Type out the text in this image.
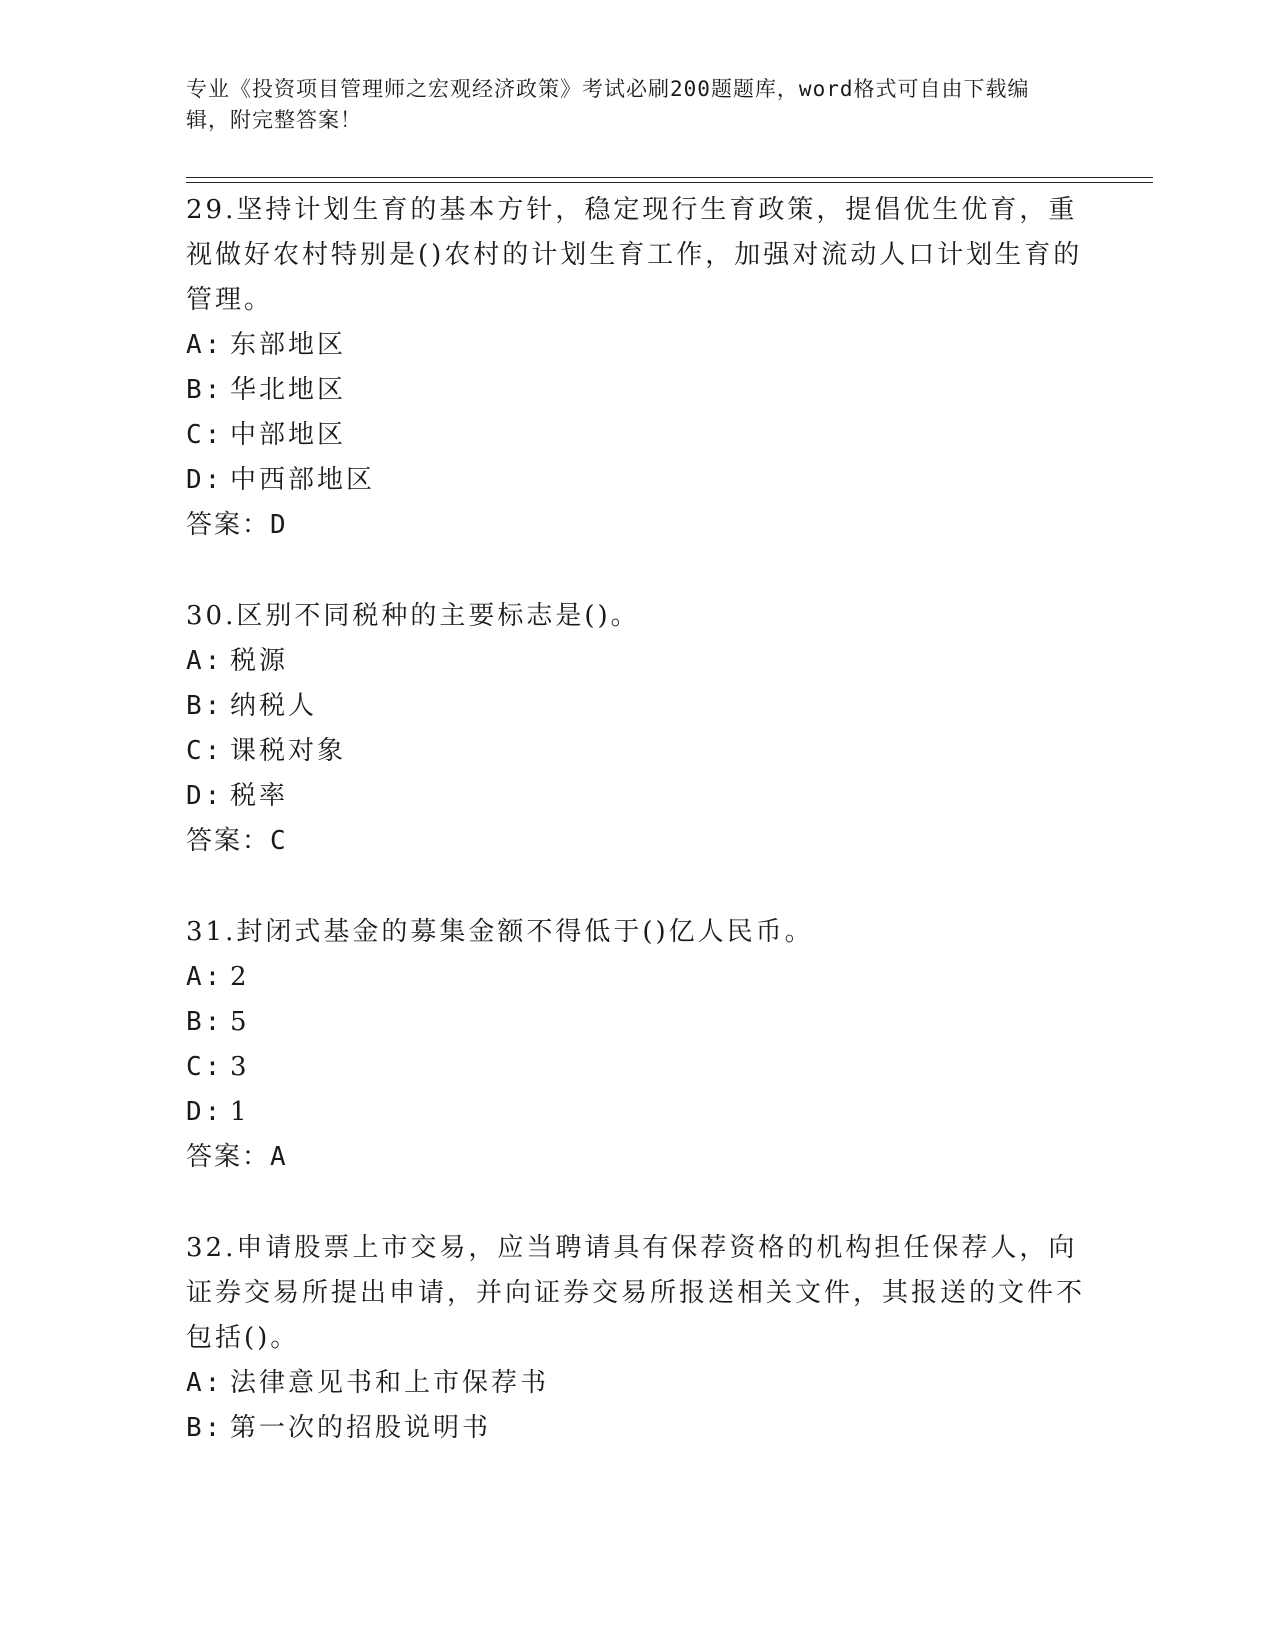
专业《投资项目管理师之宏观经济政策》考试必刷200题题库，word格式可自由下载编辑，附完整答案！

29.坚持计划生育的基本方针，稳定现行生育政策，提倡优生优育，重视做好农村特别是()农村的计划生育工作，加强对流动人口计划生育的管理。

A: 东部地区

B: 华北地区

C: 中部地区

D: 中西部地区

答案：D

30.区别不同税种的主要标志是()。

A: 税源

B: 纳税人

C: 课税对象

D: 税率

答案：C

31.封闭式基金的募集金额不得低于()亿人民币。

A: 2

B: 5

C: 3

D: 1

答案：A

32.申请股票上市交易，应当聘请具有保荐资格的机构担任保荐人，向证券交易所提出申请，并向证券交易所报送相关文件，其报送的文件不包括()。

A: 法律意见书和上市保荐书

B: 第一次的招股说明书
